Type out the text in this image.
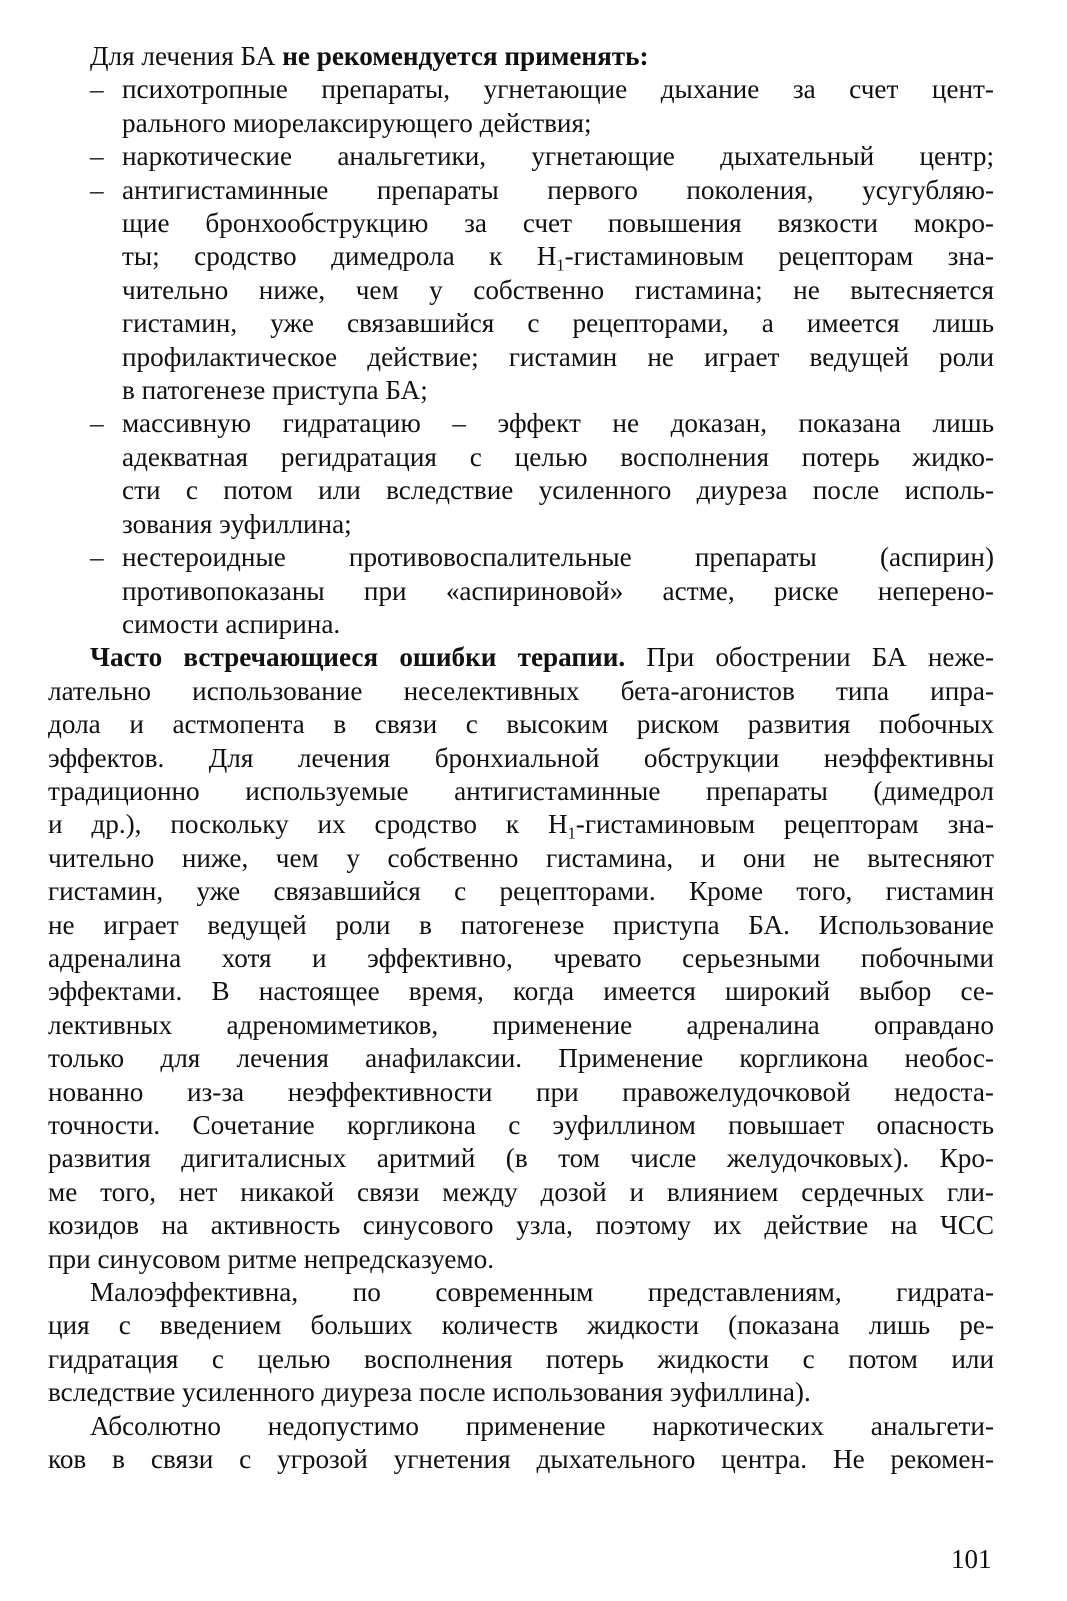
Для лечения БА не рекомендуется применять:
– психотропные препараты, угнетающие дыхание за счет цент-
рального миорелаксирующего действия;
– наркотические анальгетики, угнетающие дыхательный центр;
– антигистаминные препараты первого поколения, усугубляю-
щие бронхообструкцию за счет повышения вязкости мокро-
ты; сродство димедрола к $H_1$-гистаминовым рецепторам зна-
чительно ниже, чем у собственно гистамина; не вытесняется
гистамин, уже связавшийся с рецепторами, а имеется лишь
профилактическое действие; гистамин не играет ведущей роли
в патогенезе приступа БА;
– массивную гидратацию – эффект не доказан, показана лишь
адекватная регидратация с целью восполнения потерь жидко-
сти с потом или вследствие усиленного диуреза после исполь-
зования эуфиллина;
– нестероидные противовоспалительные препараты (аспирин)
противопоказаны при «аспириновой» астме, риске неперено-
симости аспирина.
Часто встречающиеся ошибки терапии. При обострении БА неже-
лательно использование неселективных бета-агонистов типа ипра-
дола и астмопента в связи с высоким риском развития побочных
эффектов. Для лечения бронхиальной обструкции неэффективны
традиционно используемые антигистаминные препараты (димедрол
и др.), поскольку их сродство к $H_1$-гистаминовым рецепторам зна-
чительно ниже, чем у собственно гистамина, и они не вытесняют
гистамин, уже связавшийся с рецепторами. Кроме того, гистамин
не играет ведущей роли в патогенезе приступа БА. Использование
адреналина хотя и эффективно, чревато серьезными побочными
эффектами. В настоящее время, когда имеется широкий выбор се-
лективных адреномиметиков, применение адреналина оправдано
только для лечения анафилаксии. Применение коргликона необос-
нованно из-за неэффективности при правожелудочковой недоста-
точности. Сочетание коргликона с эуфиллином повышает опасность
развития дигиталисных аритмий (в том числе желудочковых). Кро-
ме того, нет никакой связи между дозой и влиянием сердечных гли-
козидов на активность синусового узла, поэтому их действие на ЧСС
при синусовом ритме непредсказуемо.
Малоэффективна, по современным представлениям, гидрата-
ция с введением больших количеств жидкости (показана лишь ре-
гидратация с целью восполнения потерь жидкости с потом или
вследствие усиленного диуреза после использования эуфиллина).
Абсолютно недопустимо применение наркотических анальгети-
ков в связи с угрозой угнетения дыхательного центра. Не рекомен-
101
